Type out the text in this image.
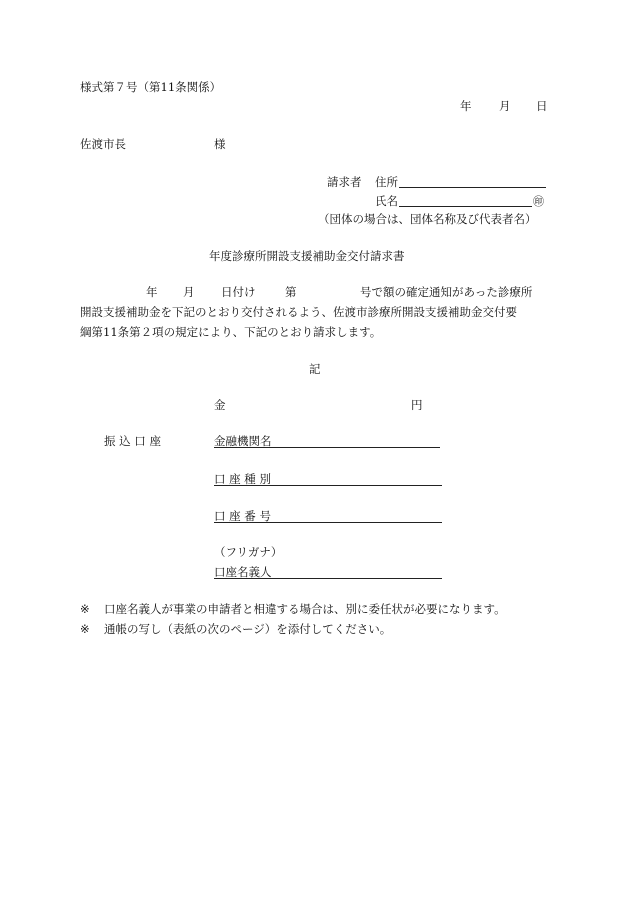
様式第７号（第11条関係）
年 月 日
佐渡市長	様
請求者 住所
氏名	㊞
（団体の場合は、団体名称及び代表者名）
年度診療所開設支援補助金交付請求書
年 月 日付け	第	号で額の確定通知があった診療所
開設支援補助金を下記のとおり交付されるよう、佐渡市診療所開設支援補助金交付要
綱第11条第２項の規定により、下記のとおり請求します。
記
金	円
振 込 口 座	金融機関名
口 座 種 別
口 座 番 号
（フリガナ）
口座名義人
※ 口座名義人が事業の申請者と相違する場合は、別に委任状が必要になります。
※ 通帳の写し（表紙の次のページ）を添付してください。
